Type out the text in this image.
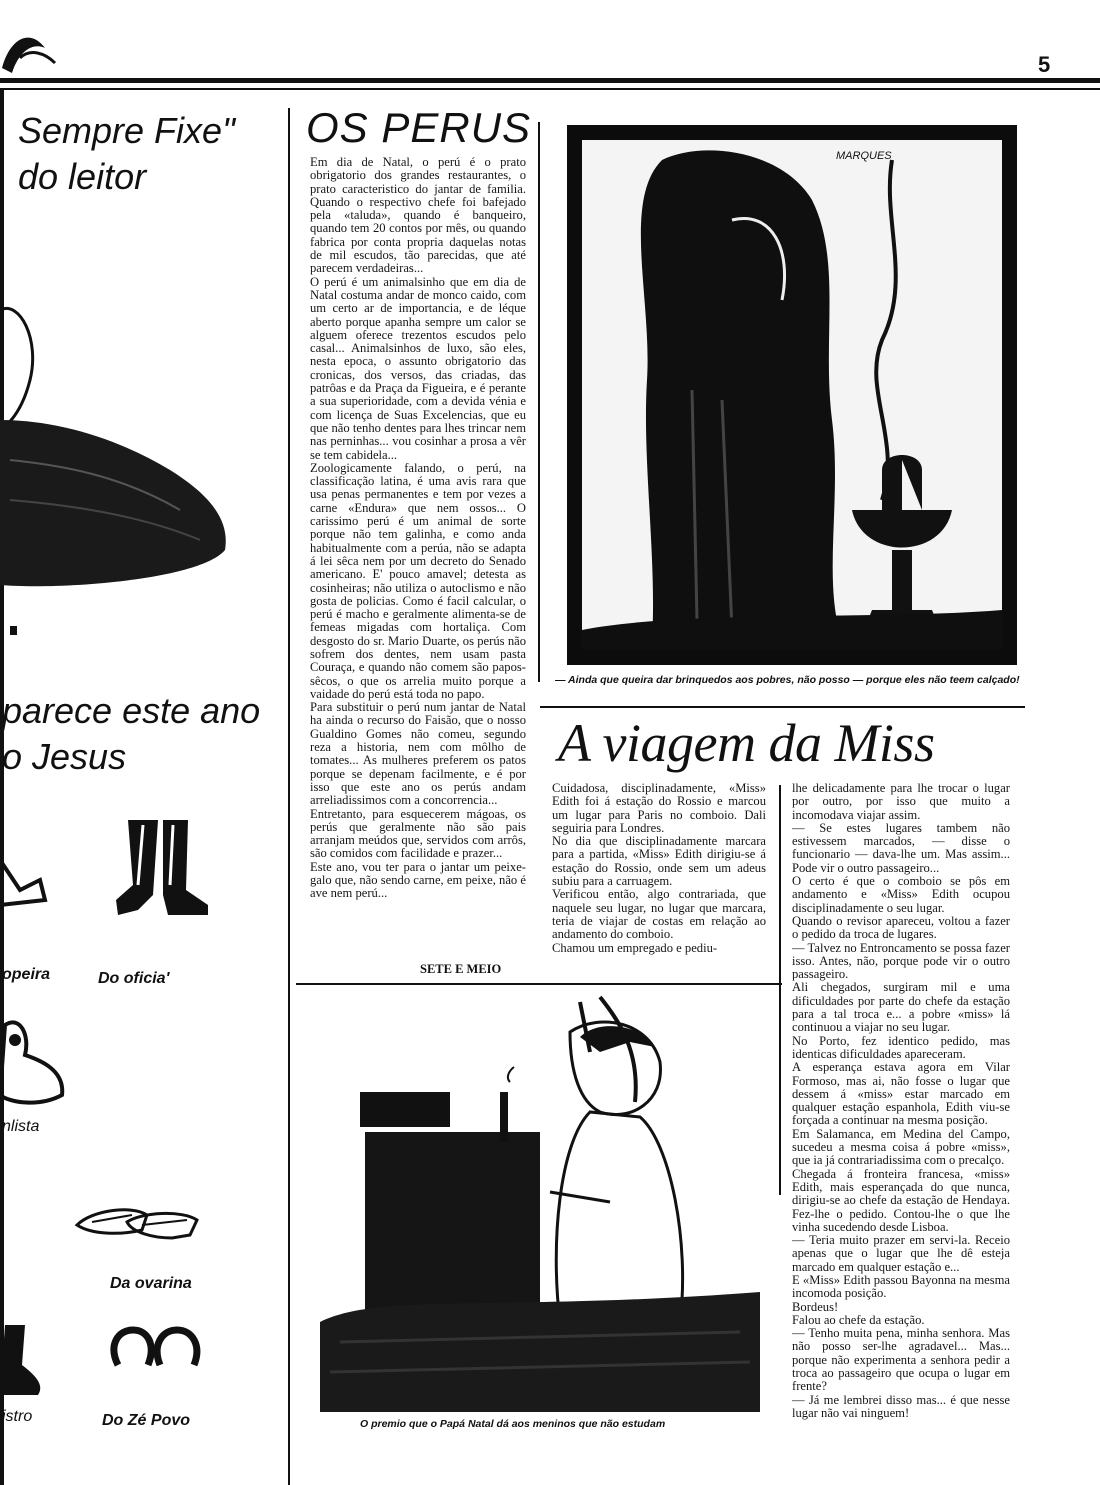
5
Sempre Fixe"
do leitor
parece este ano
o Jesus
opeira	Do oficia'
nlista
Da ovarina
istro	Do Zé Povo
OS PERUS
Em dia de Natal, o perú é o prato obrigatorio dos grandes restaurantes, o prato caracteristico do jantar de familia. Quando o respectivo chefe foi bafejado pela «taluda», quando é banqueiro, quando tem 20 contos por mês, ou quando fabrica por conta propria daquelas notas de mil escudos, tão parecidas, que até parecem verdadeiras...
O perú é um animalsinho que em dia de Natal costuma andar de monco caido, com um certo ar de importancia, e de léque aberto porque apanha sempre um calor se alguem oferece trezentos escudos pelo casal... Animalsinhos de luxo, são eles, nesta epoca, o assunto obrigatorio das cronicas, dos versos, das criadas, das patrôas e da Praça da Figueira, e é perante a sua superioridade, com a devida vénia e com licença de Suas Excelencias, que eu que não tenho dentes para lhes trincar nem nas perninhas... vou cosinhar a prosa a vêr se tem cabidela...
Zoologicamente falando, o perú, na classificação latina, é uma avis rara que usa penas permanentes e tem por vezes a carne «Endura» que nem ossos... O carissimo perú é um animal de sorte porque não tem galinha, e como anda habitualmente com a perúa, não se adapta á lei sêca nem por um decreto do Senado americano. E' pouco amavel; detesta as cosinheiras; não utiliza o autoclismo e não gosta de policias. Como é facil calcular, o perú é macho e geralmente alimenta-se de femeas migadas com hortaliça. Com desgosto do sr. Mario Duarte, os perús não sofrem dos dentes, nem usam pasta Couraça, e quando não comem são papos-sêcos, o que os arrelia muito porque a vaidade do perú está toda no papo.
Para substituir o perú num jantar de Natal ha ainda o recurso do Faisão, que o nosso Gualdino Gomes não comeu, segundo reza a historia, nem com môlho de tomates... As mulheres preferem os patos porque se depenam facilmente, e é por isso que este ano os perús andam arreliadissimos com a concorrencia...
Entretanto, para esquecerem mágoas, os perús que geralmente não são pais arranjam meúdos que, servidos com arrôs, são comidos com facilidade e prazer...
Este ano, vou ter para o jantar um peixe-galo que, não sendo carne, em peixe, não é ave nem perú...
SETE E MEIO
MARQUES
— Ainda que queira dar brinquedos aos pobres, não posso — porque eles não teem calçado!
A viagem da Miss
Cuidadosa, disciplinadamente, «Miss» Edith foi á estação do Rossio e marcou um lugar para Paris no comboio. Dali seguiria para Londres.
No dia que disciplinadamente marcara para a partida, «Miss» Edith dirigiu-se á estação do Rossio, onde sem um adeus subiu para a carruagem.
Verificou então, algo contrariada, que naquele seu lugar, no lugar que marcara, teria de viajar de costas em relação ao andamento do comboio.
Chamou um empregado e pediu-
lhe delicadamente para lhe trocar o lugar por outro, por isso que muito a incomodava viajar assim.
— Se estes lugares tambem não estivessem marcados, — disse o funcionario — dava-lhe um. Mas assim... Pode vir o outro passageiro...
O certo é que o comboio se pôs em andamento e «Miss» Edith ocupou disciplinadamente o seu lugar.
Quando o revisor apareceu, voltou a fazer o pedido da troca de lugares.
— Talvez no Entroncamento se possa fazer isso. Antes, não, porque pode vir o outro passageiro.
Ali chegados, surgiram mil e uma dificuldades por parte do chefe da estação para a tal troca e... a pobre «miss» lá continuou a viajar no seu lugar.
No Porto, fez identico pedido, mas identicas dificuldades apareceram.
A esperança estava agora em Vilar Formoso, mas ai, não fosse o lugar que dessem á «miss» estar marcado em qualquer estação espanhola, Edith viu-se forçada a continuar na mesma posição.
Em Salamanca, em Medina del Campo, sucedeu a mesma coisa á pobre «miss», que ia já contrariadissima com o precalço.
Chegada á fronteira francesa, «miss» Edith, mais esperançada do que nunca, dirigiu-se ao chefe da estação de Hendaya. Fez-lhe o pedido. Contou-lhe o que lhe vinha sucedendo desde Lisboa.
— Teria muito prazer em servi-la. Receio apenas que o lugar que lhe dê esteja marcado em qualquer estação e...
E «Miss» Edith passou Bayonna na mesma incomoda posição.
Bordeus!
Falou ao chefe da estação.
— Tenho muita pena, minha senhora. Mas não posso ser-lhe agradavel... Mas... porque não experimenta a senhora pedir a troca ao passageiro que ocupa o lugar em frente?
— Já me lembrei disso mas... é que nesse lugar não vai ninguem!
O premio que o Papá Natal dá aos meninos que não estudam
